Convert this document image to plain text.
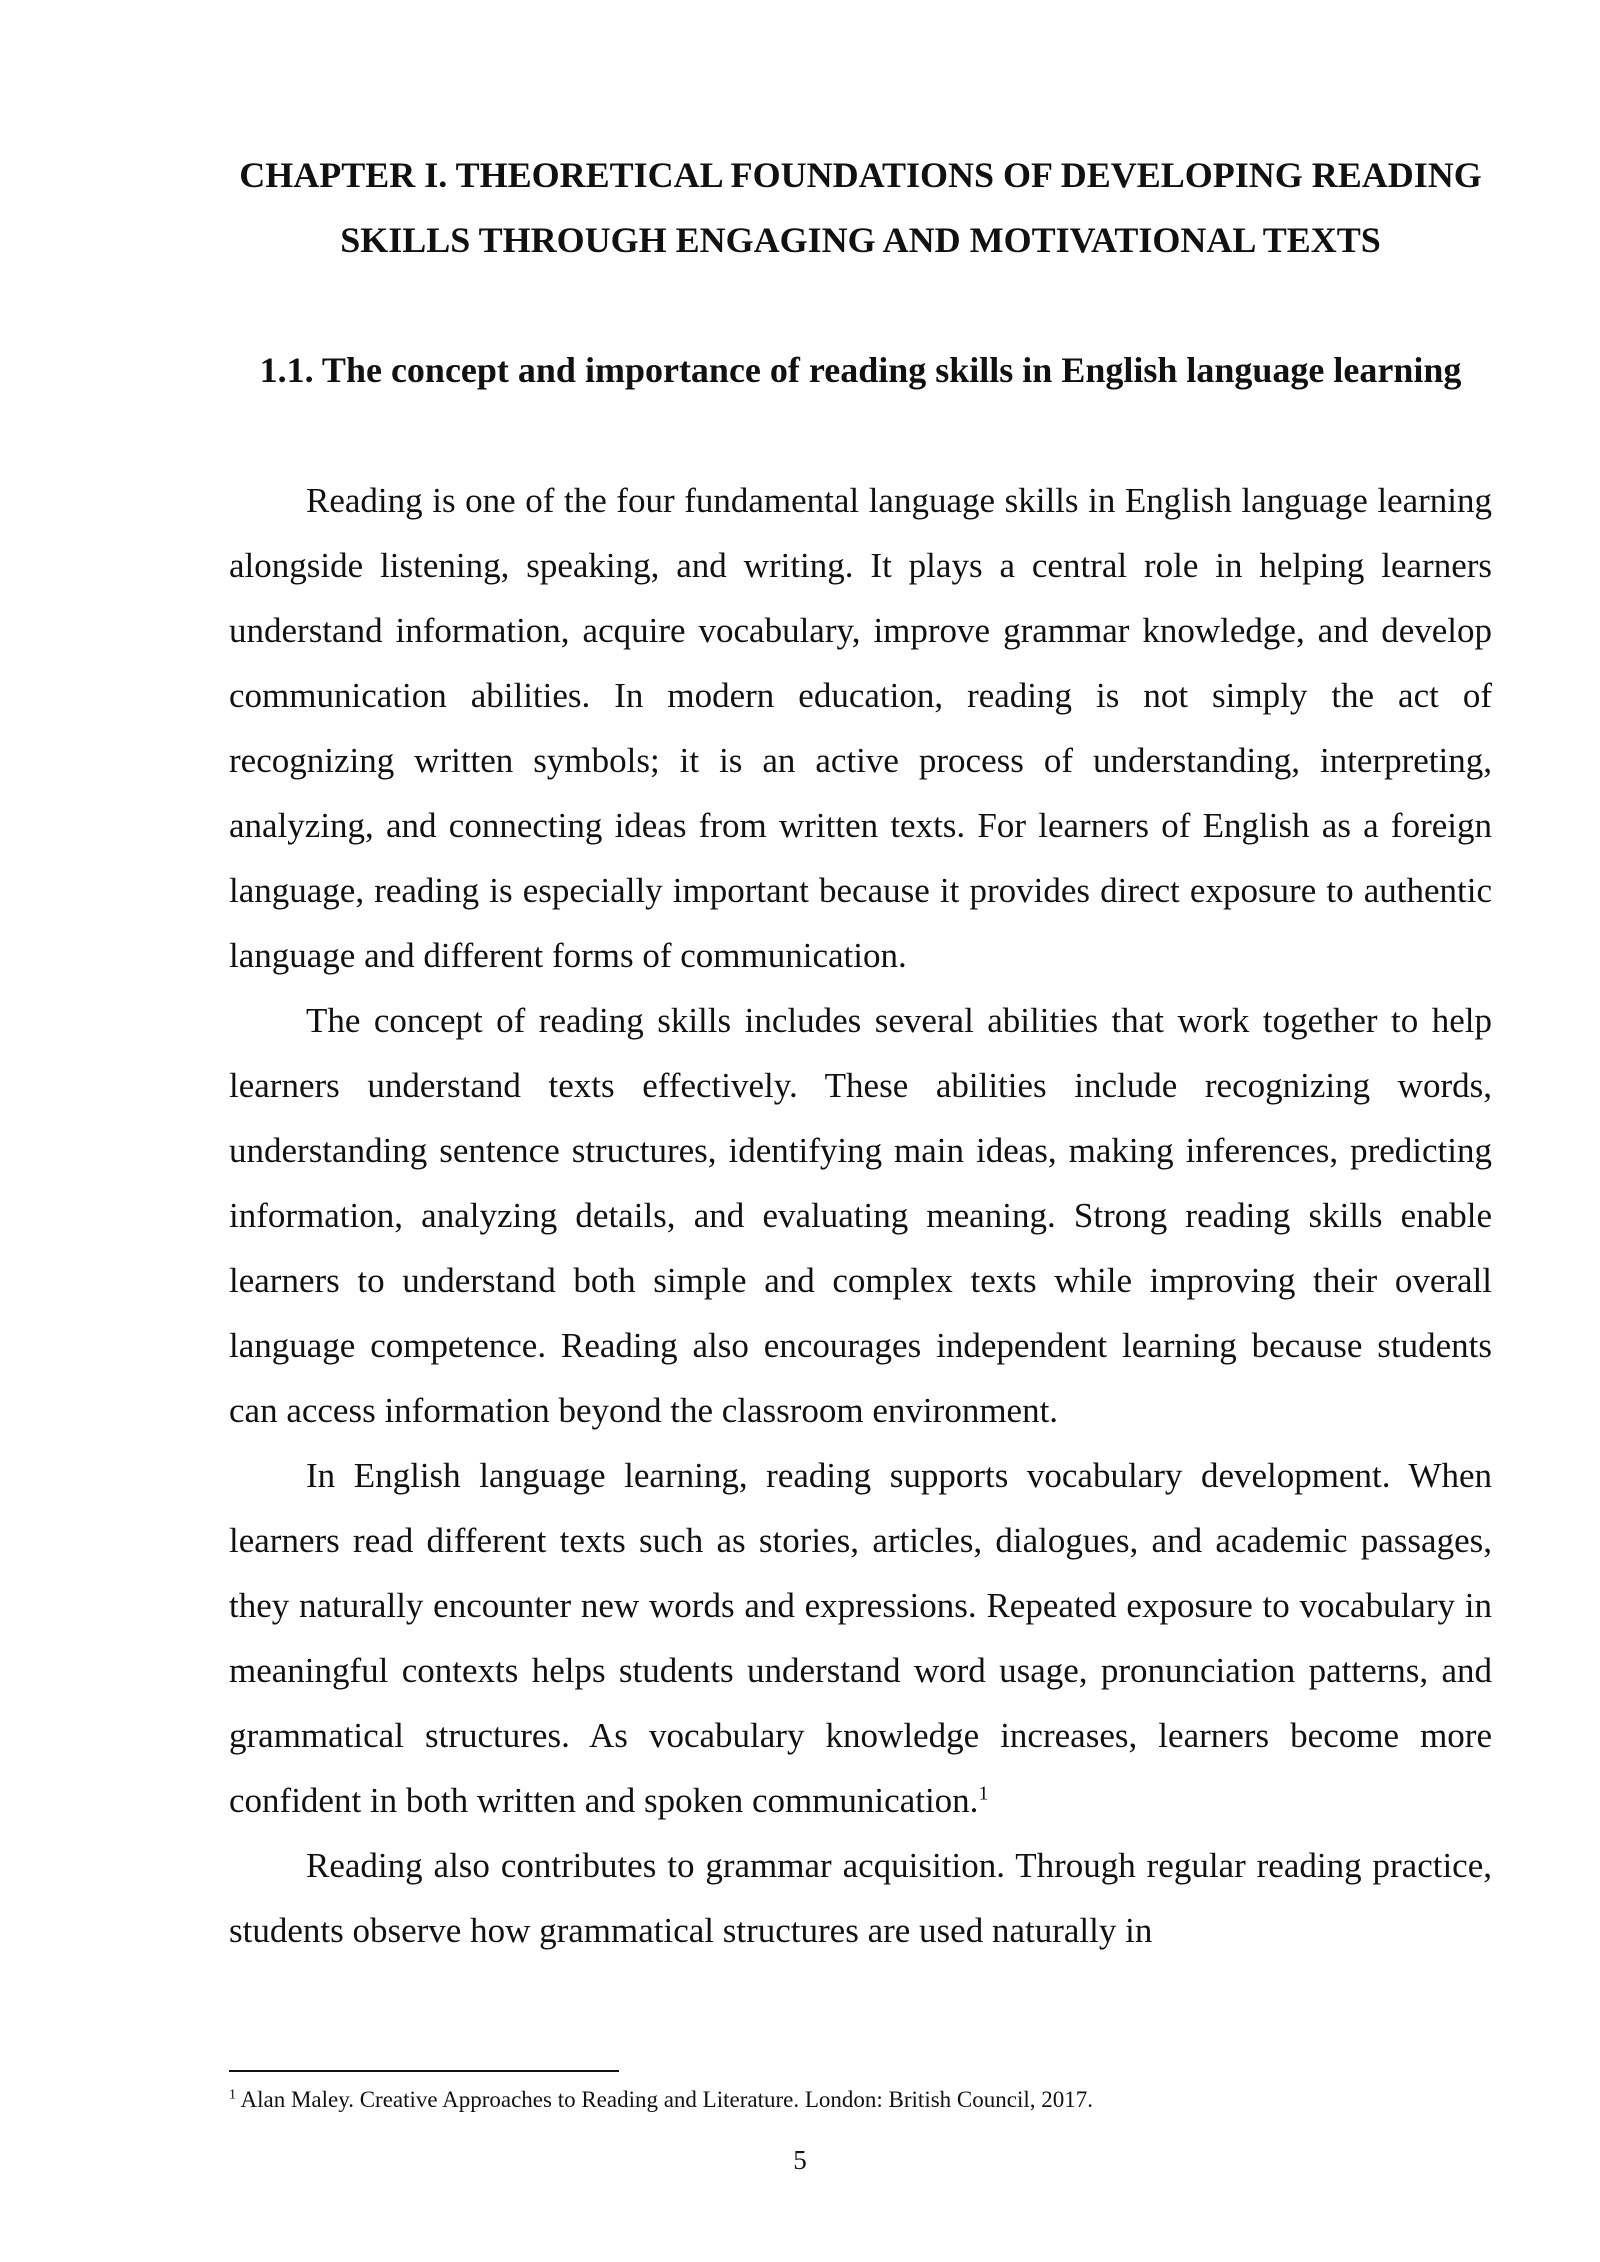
CHAPTER I. THEORETICAL FOUNDATIONS OF DEVELOPING READING SKILLS THROUGH ENGAGING AND MOTIVATIONAL TEXTS
1.1. The concept and importance of reading skills in English language learning

Reading is one of the four fundamental language skills in English language learning alongside listening, speaking, and writing. It plays a central role in helping learners understand information, acquire vocabulary, improve grammar knowledge, and develop communication abilities. In modern education, reading is not simply the act of recognizing written symbols; it is an active process of understanding, interpreting, analyzing, and connecting ideas from written texts. For learners of English as a foreign language, reading is especially important because it provides direct exposure to authentic language and different forms of communication.

The concept of reading skills includes several abilities that work together to help learners understand texts effectively. These abilities include recognizing words, understanding sentence structures, identifying main ideas, making inferences, predicting information, analyzing details, and evaluating meaning. Strong reading skills enable learners to understand both simple and complex texts while improving their overall language competence. Reading also encourages independent learning because students can access information beyond the classroom environment.

In English language learning, reading supports vocabulary development. When learners read different texts such as stories, articles, dialogues, and academic passages, they naturally encounter new words and expressions. Repeated exposure to vocabulary in meaningful contexts helps students understand word usage, pronunciation patterns, and grammatical structures. As vocabulary knowledge increases, learners become more confident in both written and spoken communication.$^1$

Reading also contributes to grammar acquisition. Through regular reading practice, students observe how grammatical structures are used naturally in

$^1$ Alan Maley. Creative Approaches to Reading and Literature. London: British Council, 2017.

5
